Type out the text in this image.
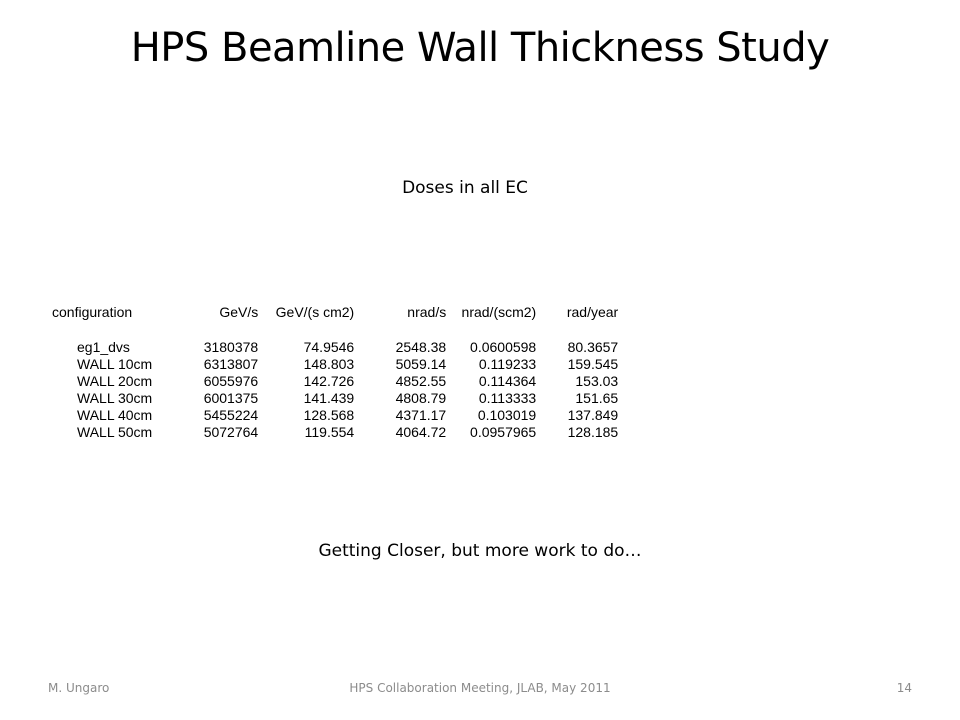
HPS Beamline Wall Thickness Study
Doses in all EC
configuration	GeV/s	GeV/(s cm2)	nrad/s	nrad/(scm2)	rad/year
eg1_dvs	3180378	74.9546	2548.38	0.0600598	80.3657
WALL 10cm	6313807	148.803	5059.14	0.119233	159.545
WALL 20cm	6055976	142.726	4852.55	0.114364	153.03
WALL 30cm	6001375	141.439	4808.79	0.113333	151.65
WALL 40cm	5455224	128.568	4371.17	0.103019	137.849
WALL 50cm	5072764	119.554	4064.72	0.0957965	128.185
Getting Closer, but more work to do…
HPS Collaboration Meeting, JLAB, May 2011
M. Ungaro	14
